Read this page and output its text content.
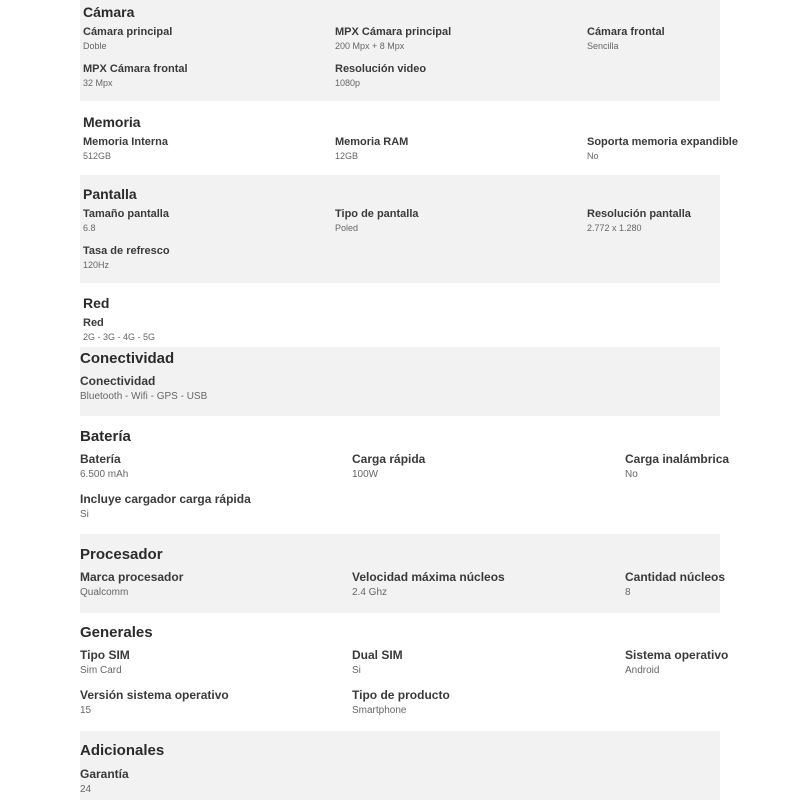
Cámara
Cámara principal
Doble
MPX Cámara principal
200 Mpx + 8 Mpx
Cámara frontal
Sencilla
MPX Cámara frontal
32 Mpx
Resolución video
1080p
Memoria
Memoria Interna
512GB
Memoria RAM
12GB
Soporta memoria expandible
No
Pantalla
Tamaño pantalla
6.8
Tipo de pantalla
Poled
Resolución pantalla
2.772 x 1.280
Tasa de refresco
120Hz
Red
Red
2G - 3G - 4G - 5G
Conectividad
Conectividad
Bluetooth - Wifi - GPS - USB
Batería
Batería
6.500 mAh
Carga rápida
100W
Carga inalámbrica
No
Incluye cargador carga rápida
Si
Procesador
Marca procesador
Qualcomm
Velocidad máxima núcleos
2.4 Ghz
Cantidad núcleos
8
Generales
Tipo SIM
Sim Card
Dual SIM
Si
Sistema operativo
Android
Versión sistema operativo
15
Tipo de producto
Smartphone
Adicionales
Garantía
24
